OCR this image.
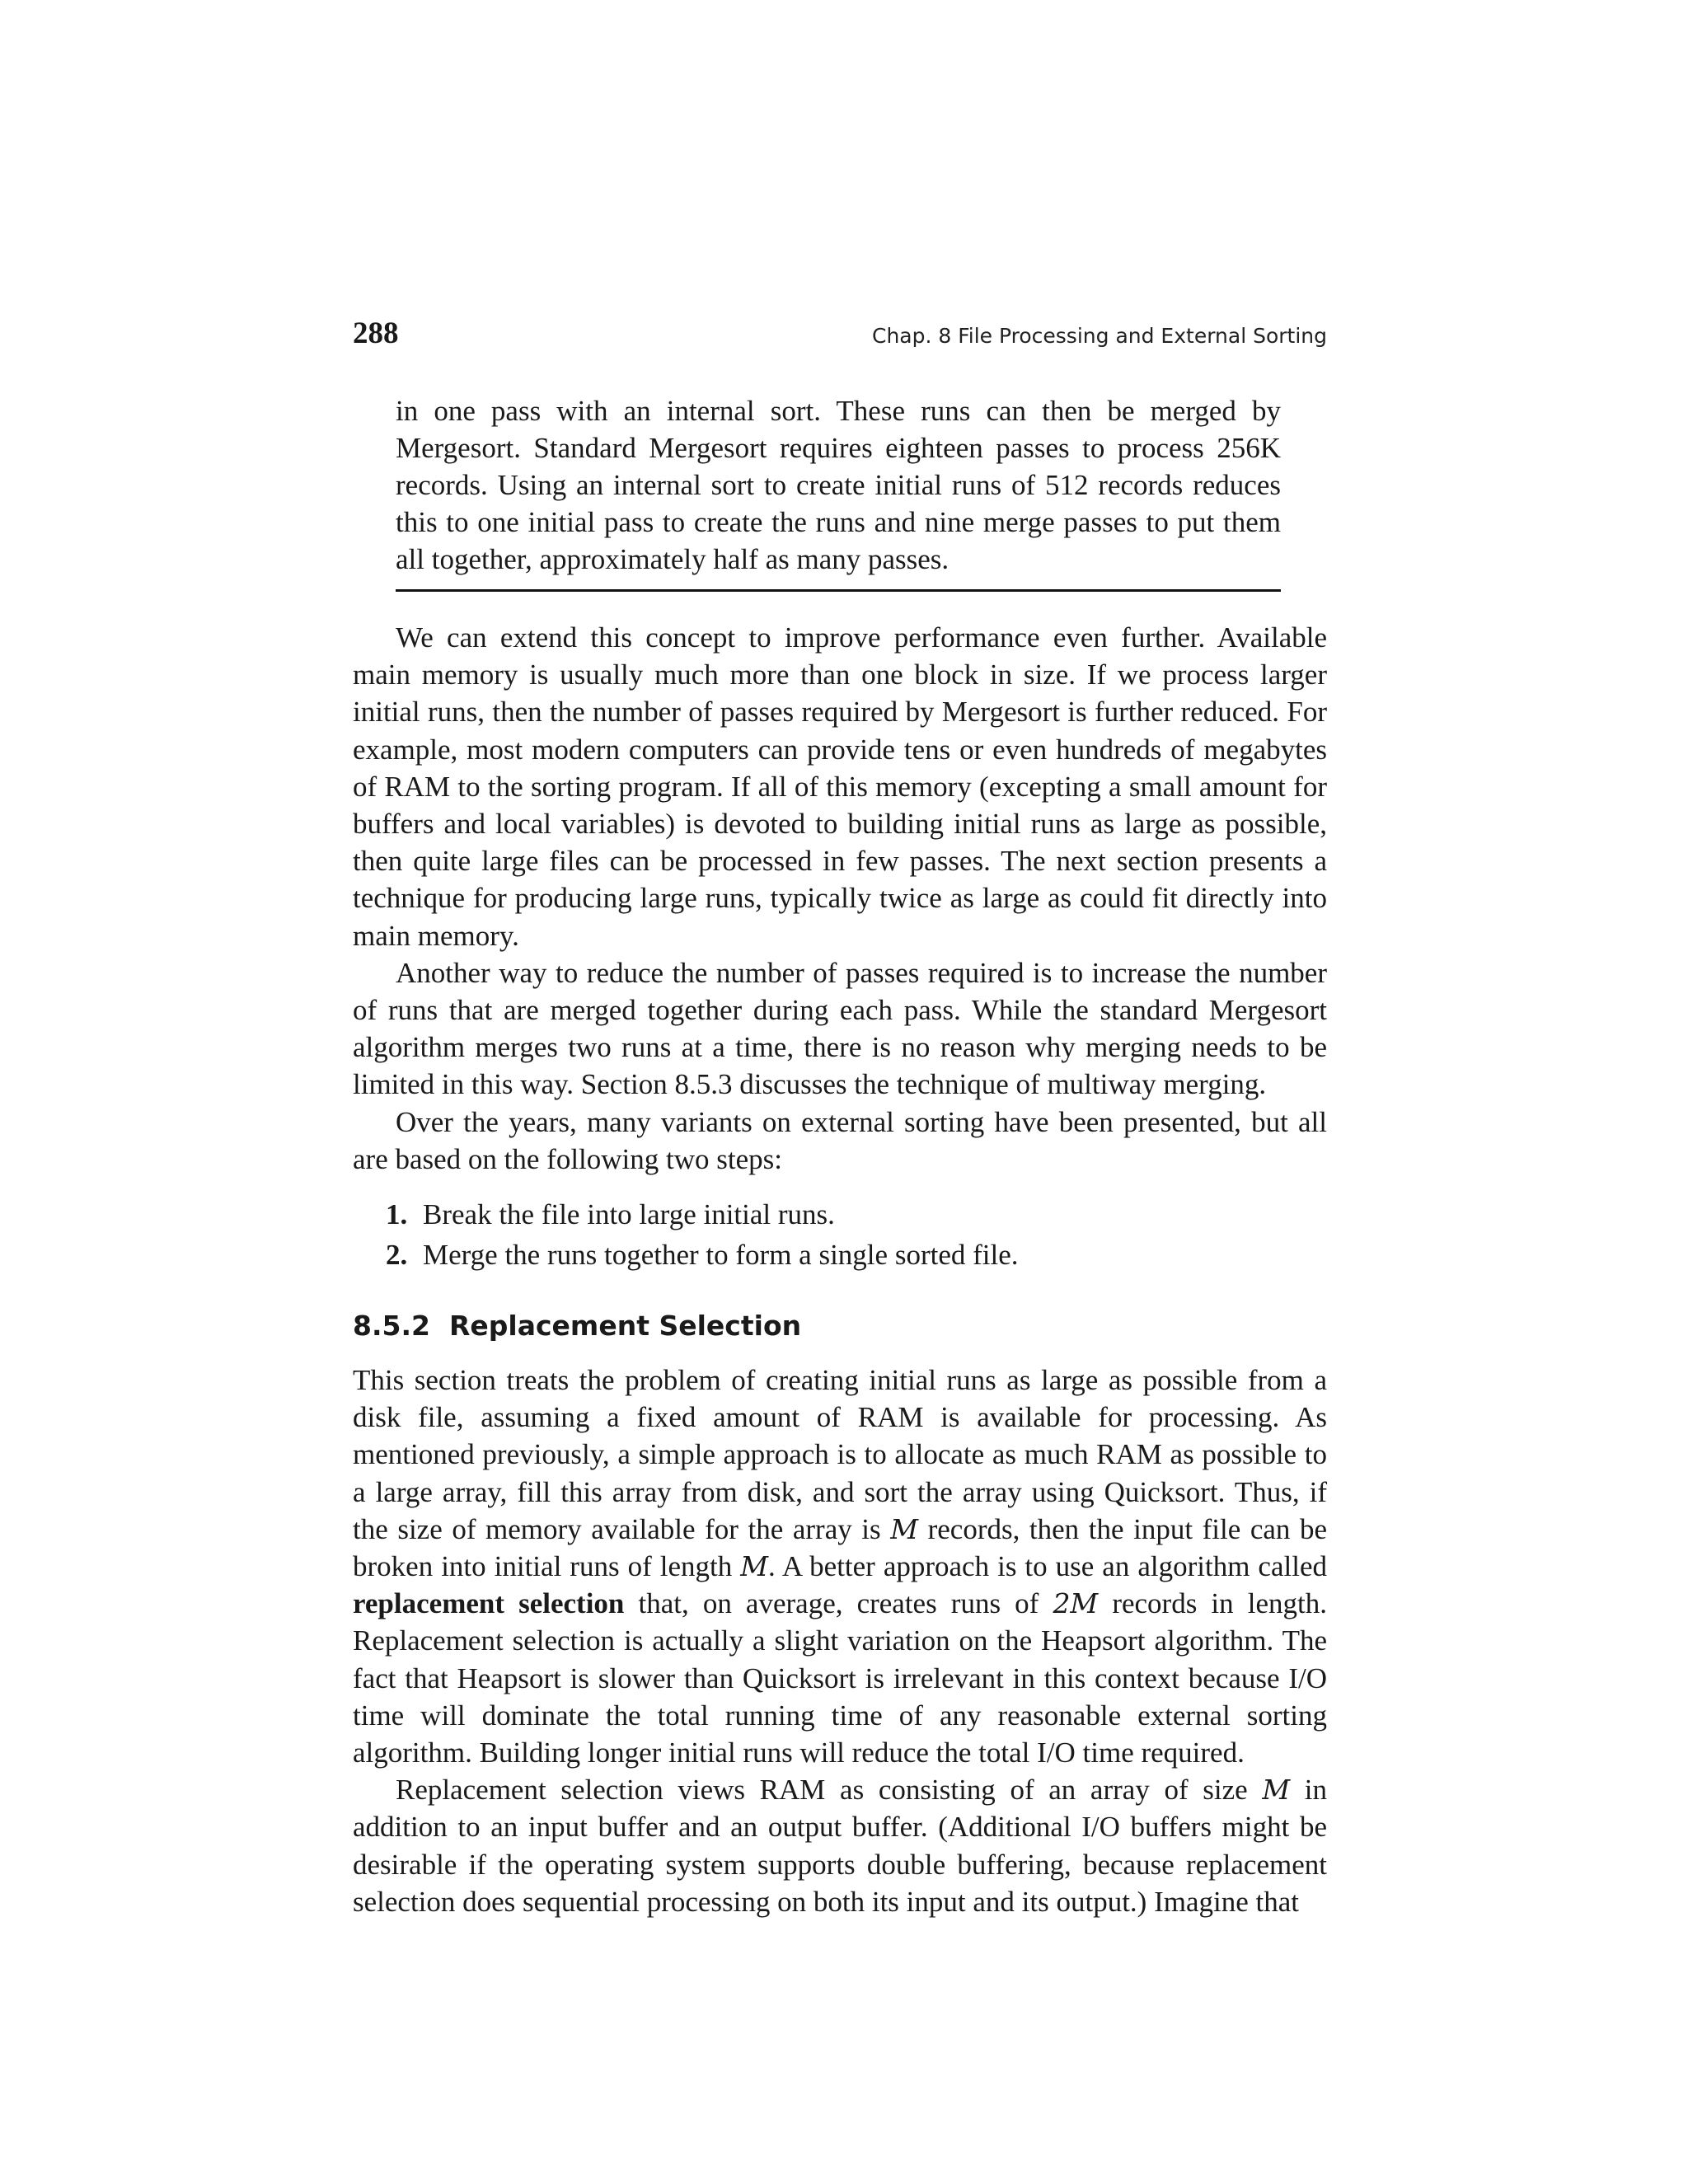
288	Chap. 8 File Processing and External Sorting

in one pass with an internal sort. These runs can then be merged by Mergesort. Standard Mergesort requires eighteen passes to process 256K records. Using an internal sort to create initial runs of 512 records reduces this to one initial pass to create the runs and nine merge passes to put them all together, approximately half as many passes.

We can extend this concept to improve performance even further. Available main memory is usually much more than one block in size. If we process larger initial runs, then the number of passes required by Mergesort is further reduced. For example, most modern computers can provide tens or even hundreds of megabytes of RAM to the sorting program. If all of this memory (excepting a small amount for buffers and local variables) is devoted to building initial runs as large as possible, then quite large files can be processed in few passes. The next section presents a technique for producing large runs, typically twice as large as could fit directly into main memory.

Another way to reduce the number of passes required is to increase the number of runs that are merged together during each pass. While the standard Mergesort algorithm merges two runs at a time, there is no reason why merging needs to be limited in this way. Section 8.5.3 discusses the technique of multiway merging.

Over the years, many variants on external sorting have been presented, but all are based on the following two steps:

1. Break the file into large initial runs.
2. Merge the runs together to form a single sorted file.
8.5.2 Replacement Selection

This section treats the problem of creating initial runs as large as possible from a disk file, assuming a fixed amount of RAM is available for processing. As mentioned previously, a simple approach is to allocate as much RAM as possible to a large array, fill this array from disk, and sort the array using Quicksort. Thus, if the size of memory available for the array is M records, then the input file can be broken into initial runs of length M. A better approach is to use an algorithm called replacement selection that, on average, creates runs of 2M records in length. Replacement selection is actually a slight variation on the Heapsort algorithm. The fact that Heapsort is slower than Quicksort is irrelevant in this context because I/O time will dominate the total running time of any reasonable external sorting algorithm. Building longer initial runs will reduce the total I/O time required.

Replacement selection views RAM as consisting of an array of size M in addition to an input buffer and an output buffer. (Additional I/O buffers might be desirable if the operating system supports double buffering, because replacement selection does sequential processing on both its input and its output.) Imagine that
